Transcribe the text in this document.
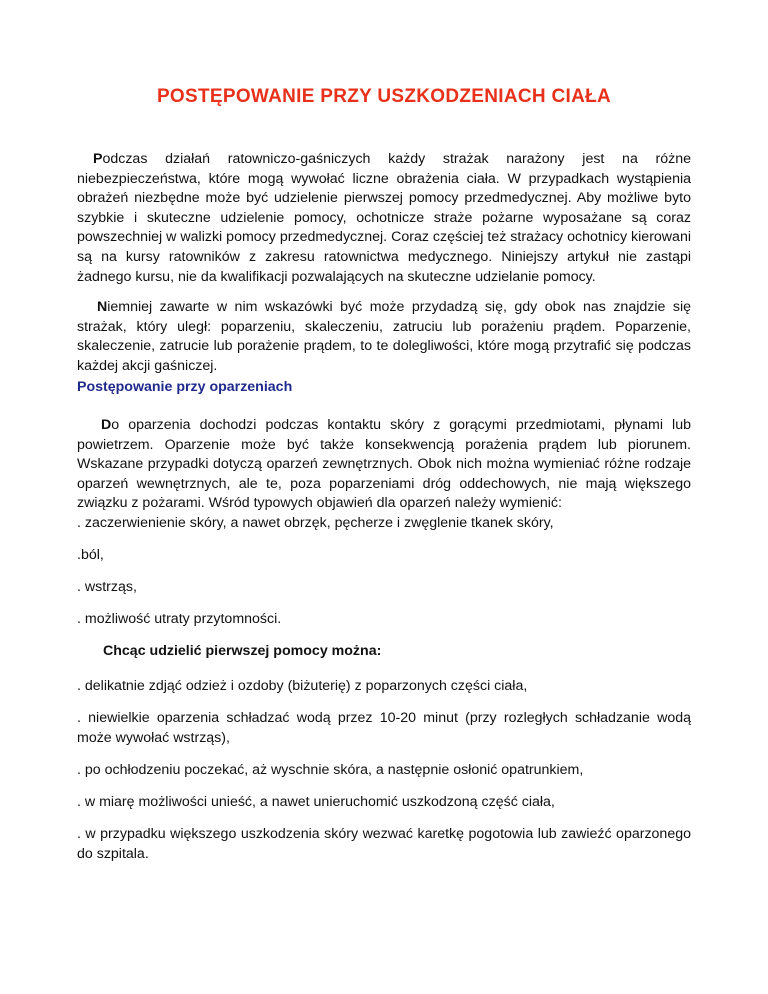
POSTĘPOWANIE PRZY USZKODZENIACH CIAŁA

Podczas działań ratowniczo-gaśniczych każdy strażak narażony jest na różne niebezpieczeństwa, które mogą wywołać liczne obrażenia ciała. W przypadkach wystąpienia obrażeń niezbędne może być udzielenie pierwszej pomocy przedmedycznej. Aby możliwe byto szybkie i skuteczne udzielenie pomocy, ochotnicze straże pożarne wyposażane są coraz powszechniej w walizki pomocy przedmedycznej. Coraz częściej też strażacy ochotnicy kierowani są na kursy ratowników z zakresu ratownictwa medycznego. Niniejszy artykuł nie zastąpi żadnego kursu, nie da kwalifikacji pozwalających na skuteczne udzielanie pomocy.

Niemniej zawarte w nim wskazówki być może przydadzą się, gdy obok nas znajdzie się strażak, który uległ: poparzeniu, skaleczeniu, zatruciu lub porażeniu prądem. Poparzenie, skaleczenie, zatrucie lub porażenie prądem, to te dolegliwości, które mogą przytrafić się podczas każdej akcji gaśniczej.

Postępowanie przy oparzeniach

Do oparzenia dochodzi podczas kontaktu skóry z gorącymi przedmiotami, płynami lub powietrzem. Oparzenie może być także konsekwencją porażenia prądem lub piorunem. Wskazane przypadki dotyczą oparzeń zewnętrznych. Obok nich można wymieniać różne rodzaje oparzeń wewnętrznych, ale te, poza poparzeniami dróg oddechowych, nie mają większego związku z pożarami. Wśród typowych objawień dla oparzeń należy wymienić:

. zaczerwienienie skóry, a nawet obrzęk, pęcherze i zwęglenie tkanek skóry,

.ból,

. wstrząs,

. możliwość utraty przytomności.

Chcąc udzielić pierwszej pomocy można:

. delikatnie zdjąć odzież i ozdoby (biżuterię) z poparzonych części ciała,

. niewielkie oparzenia schładzać wodą przez 10-20 minut (przy rozległych schładzanie wodą może wywołać wstrząs),

. po ochłodzeniu poczekać, aż wyschnie skóra, a następnie osłonić opatrunkiem,

. w miarę możliwości unieść, a nawet unieruchomić uszkodzoną część ciała,

. w przypadku większego uszkodzenia skóry wezwać karetkę pogotowia lub zawieźć oparzonego do szpitala.
